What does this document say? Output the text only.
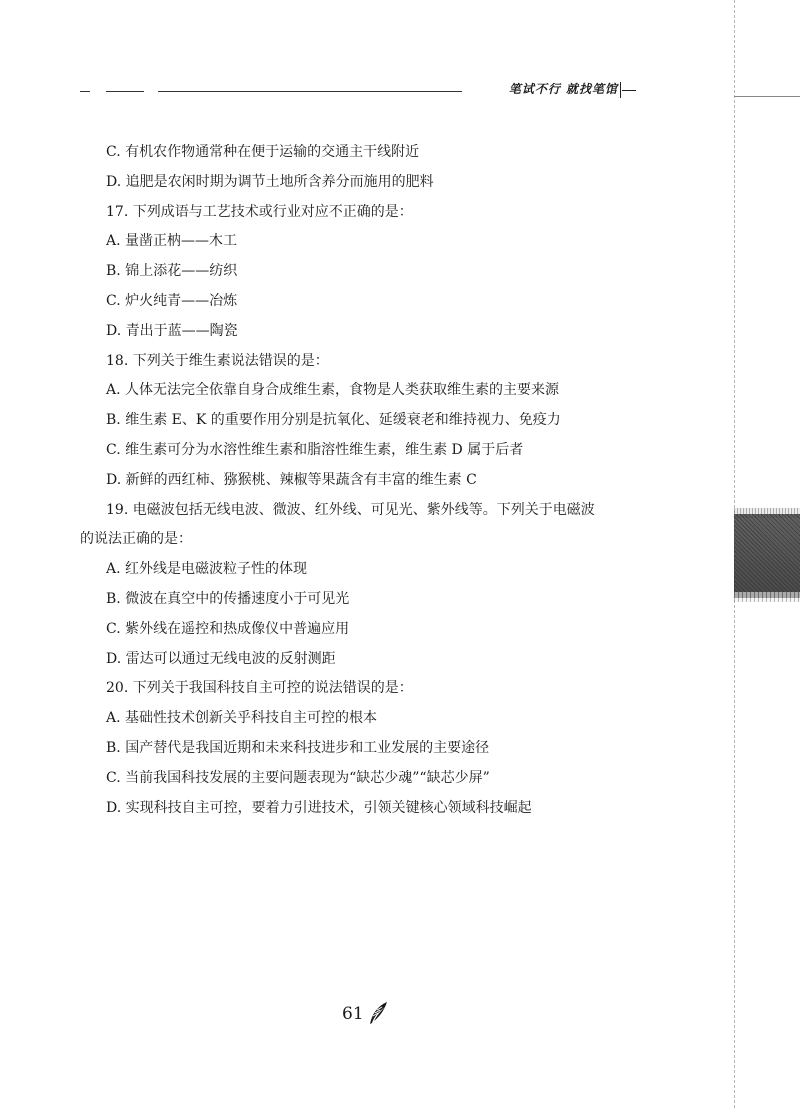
笔试不行 就找笔馆
C. 有机农作物通常种在便于运输的交通主干线附近
D. 追肥是农闲时期为调节土地所含养分而施用的肥料
17. 下列成语与工艺技术或行业对应不正确的是：
A. 量凿正枘——木工
B. 锦上添花——纺织
C. 炉火纯青——冶炼
D. 青出于蓝——陶瓷
18. 下列关于维生素说法错误的是：
A. 人体无法完全依靠自身合成维生素，食物是人类获取维生素的主要来源
B. 维生素 E、K 的重要作用分别是抗氧化、延缓衰老和维持视力、免疫力
C. 维生素可分为水溶性维生素和脂溶性维生素，维生素 D 属于后者
D. 新鲜的西红柿、猕猴桃、辣椒等果蔬含有丰富的维生素 C
19. 电磁波包括无线电波、微波、红外线、可见光、紫外线等。下列关于电磁波
的说法正确的是：
A. 红外线是电磁波粒子性的体现
B. 微波在真空中的传播速度小于可见光
C. 紫外线在遥控和热成像仪中普遍应用
D. 雷达可以通过无线电波的反射测距
20. 下列关于我国科技自主可控的说法错误的是：
A. 基础性技术创新关乎科技自主可控的根本
B. 国产替代是我国近期和未来科技进步和工业发展的主要途径
C. 当前我国科技发展的主要问题表现为“缺芯少魂”“缺芯少屏”
D. 实现科技自主可控，要着力引进技术，引领关键核心领域科技崛起
61
